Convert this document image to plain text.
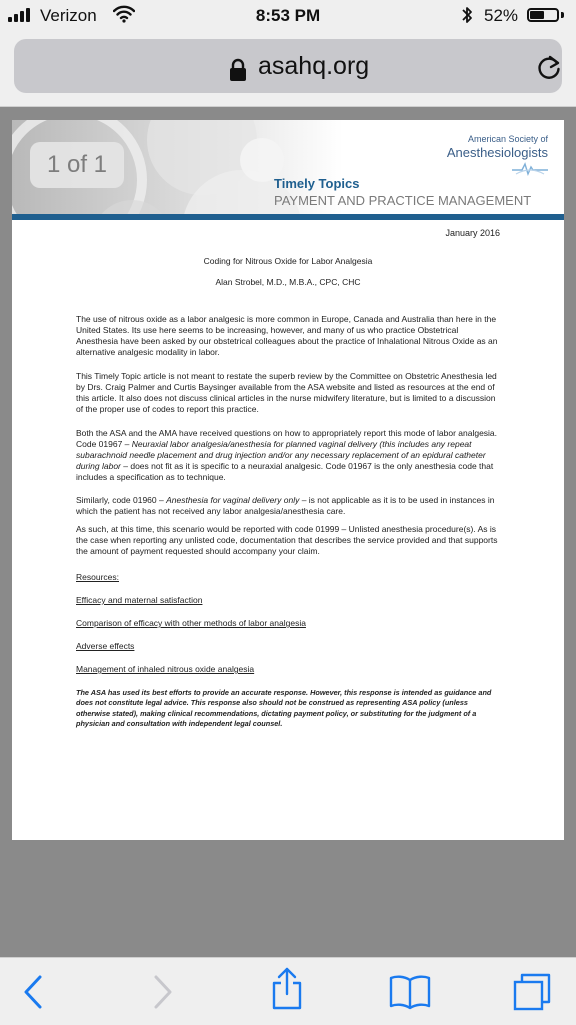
Verizon	8:53 PM	52%
asahq.org
1 of 1
American Society of
Anesthesiologists
Timely Topics
PAYMENT AND PRACTICE MANAGEMENT
January 2016
Coding for Nitrous Oxide for Labor Analgesia
Alan Strobel, M.D., M.B.A., CPC, CHC

The use of nitrous oxide as a labor analgesic is more common in Europe, Canada and Australia than here in the United States. Its use here seems to be increasing, however, and many of us who practice Obstetrical Anesthesia have been asked by our obstetrical colleagues about the practice of Inhalational Nitrous Oxide as an alternative analgesic modality in labor.

This Timely Topic article is not meant to restate the superb review by the Committee on Obstetric Anesthesia led by Drs. Craig Palmer and Curtis Baysinger available from the ASA website and listed as resources at the end of this article. It also does not discuss clinical articles in the nurse midwifery literature, but is limited to a discussion of the proper use of codes to report this practice.

Both the ASA and the AMA have received questions on how to appropriately report this mode of labor analgesia. Code 01967 – Neuraxial labor analgesia/anesthesia for planned vaginal delivery (this includes any repeat subarachnoid needle placement and drug injection and/or any necessary replacement of an epidural catheter during labor – does not fit as it is specific to a neuraxial analgesic. Code 01967 is the only anesthesia code that includes a specification as to technique.

Similarly, code 01960 – Anesthesia for vaginal delivery only – is not applicable as it is to be used in instances in which the patient has not received any labor analgesia/anesthesia care.

As such, at this time, this scenario would be reported with code 01999 – Unlisted anesthesia procedure(s). As is the case when reporting any unlisted code, documentation that describes the service provided and that supports the amount of payment requested should accompany your claim.

Resources:
Efficacy and maternal satisfaction
Comparison of efficacy with other methods of labor analgesia
Adverse effects
Management of inhaled nitrous oxide analgesia

The ASA has used its best efforts to provide an accurate response. However, this response is intended as guidance and does not constitute legal advice. This response also should not be construed as representing ASA policy (unless otherwise stated), making clinical recommendations, dictating payment policy, or substituting for the judgment of a physician and consultation with independent legal counsel.
